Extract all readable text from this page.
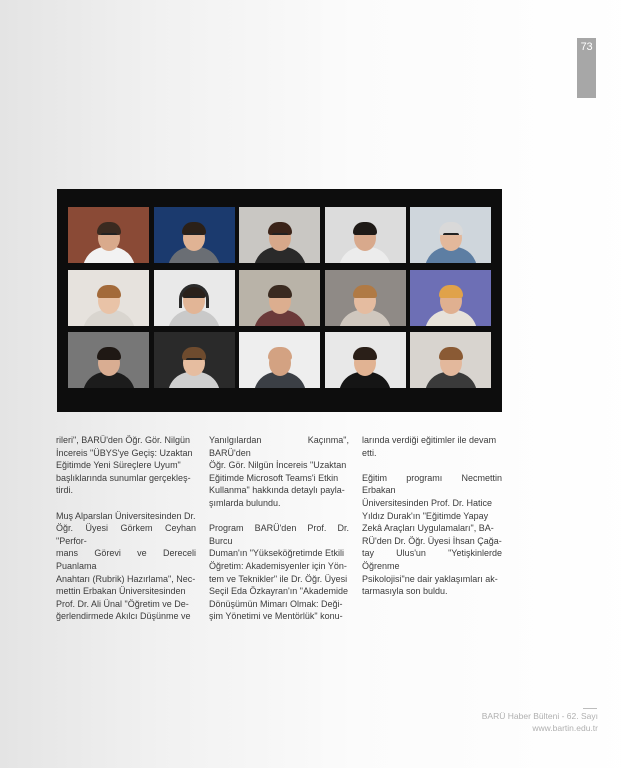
73

rileri", BARÜ'den Öğr. Gör. Nilgün
İncereis "ÜBYS'ye Geçiş: Uzaktan
Eğitimde Yeni Süreçlere Uyum"
başlıklarında sunumlar gerçekleş-
tirdi.

Muş Alparslan Üniversitesinden Dr.
Öğr. Üyesi Görkem Ceyhan "Perfor-
mans Görevi ve Dereceli Puanlama
Anahtarı (Rubrik) Hazırlama", Nec-
mettin Erbakan Üniversitesinden
Prof. Dr. Ali Ünal "Öğretim ve De-
ğerlendirmede Akılcı Düşünme ve

Yanılgılardan Kaçınma", BARÜ'den
Öğr. Gör. Nilgün İncereis "Uzaktan
Eğitimde Microsoft Teams'i Etkin
Kullanma" hakkında detaylı payla-
şımlarda bulundu.

Program BARÜ'den Prof. Dr. Burcu
Duman'ın "Yükseköğretimde Etkili
Öğretim: Akademisyenler için Yön-
tem ve Teknikler" ile Dr. Öğr. Üyesi
Seçil Eda Özkayran'ın "Akademide
Dönüşümün Mimarı Olmak: Deği-
şim Yönetimi ve Mentörlük" konu-

larında verdiği eğitimler ile devam
etti.

Eğitim programı Necmettin Erbakan
Üniversitesinden Prof. Dr. Hatice
Yıldız Durak'ın "Eğitimde Yapay
Zekâ Araçları Uygulamaları", BA-
RÜ'den Dr. Öğr. Üyesi İhsan Çağa-
tay Ulus'un "Yetişkinlerde Öğrenme
Psikolojisi"ne dair yaklaşımları ak-
tarmasıyla son buldu.

BARÜ Haber Bülteni - 62. Sayı
www.bartin.edu.tr
